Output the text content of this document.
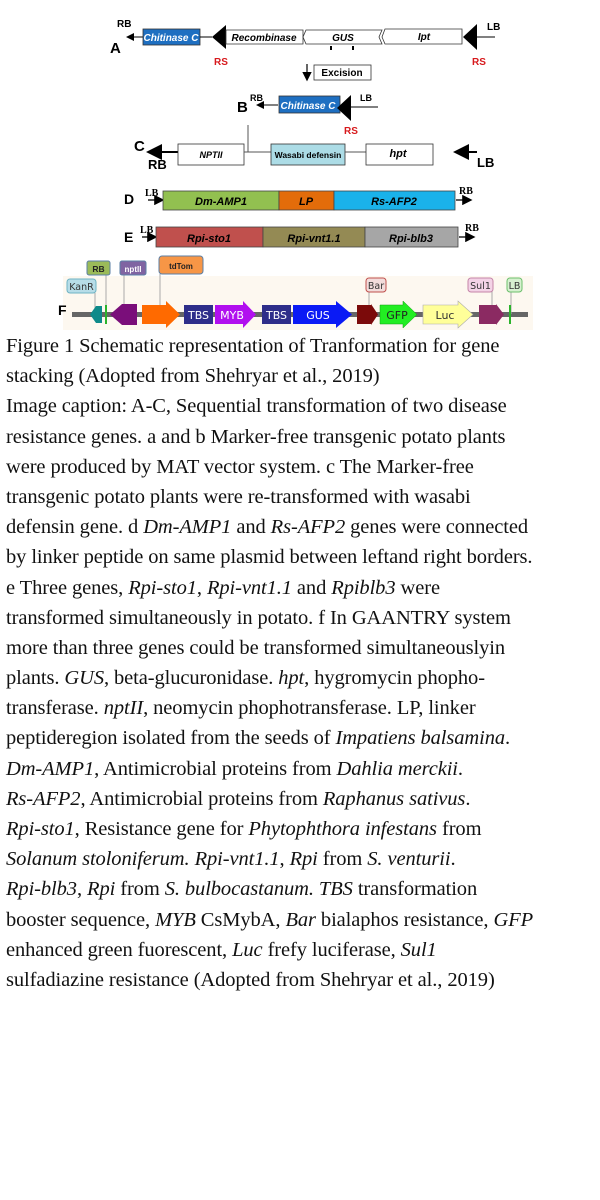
A
RB
Chitinase C
RS
Recombinase	GUS	Ipt
LB
RS
Excision
B
RB
Chitinase C
LB
RS
C
RB
NPTII	Wasabi defensin	hpt
LB
D LB
Dm-AMP1	LP	Rs-AFP2
RB
E LB
Rpi-sto1	Rpi-vnt1.1	Rpi-blb3
RB
F
KanR
RB nptII	tdTom
Bar	Sul1 LB
TBS MYB TBS GUS	GFP	Luc
Figure 1 Schematic representation of Tranformation for gene
stacking (Adopted from Shehryar et al., 2019)
Image caption: A-C, Sequential transformation of two disease
resistance genes. a and b Marker-free transgenic potato plants
were produced by MAT vector system. c The Marker-free
transgenic potato plants were re-transformed with wasabi
defensin gene. d Dm-AMP1 and Rs-AFP2 genes were connected
by linker peptide on same plasmid between leftand right borders.
e Three genes, Rpi-sto1, Rpi-vnt1.1 and Rpiblb3 were
transformed simultaneously in potato. f In GAANTRY system
more than three genes could be transformed simultaneouslyin
plants. GUS, beta-glucuronidase. hpt, hygromycin phopho-
transferase. nptII, neomycin phophotransferase. LP, linker
peptideregion isolated from the seeds of Impatiens balsamina.
Dm-AMP1, Antimicrobial proteins from Dahlia merckii.
Rs-AFP2, Antimicrobial proteins from Raphanus sativus.
Rpi-sto1, Resistance gene for Phytophthora infestans from
Solanum stoloniferum. Rpi-vnt1.1, Rpi from S. venturii.
Rpi-blb3, Rpi from S. bulbocastanum. TBS transformation
booster sequence, MYB CsMybA, Bar bialaphos resistance, GFP
enhanced green fuorescent, Luc frefy luciferase, Sul1
sulfadiazine resistance (Adopted from Shehryar et al., 2019)
